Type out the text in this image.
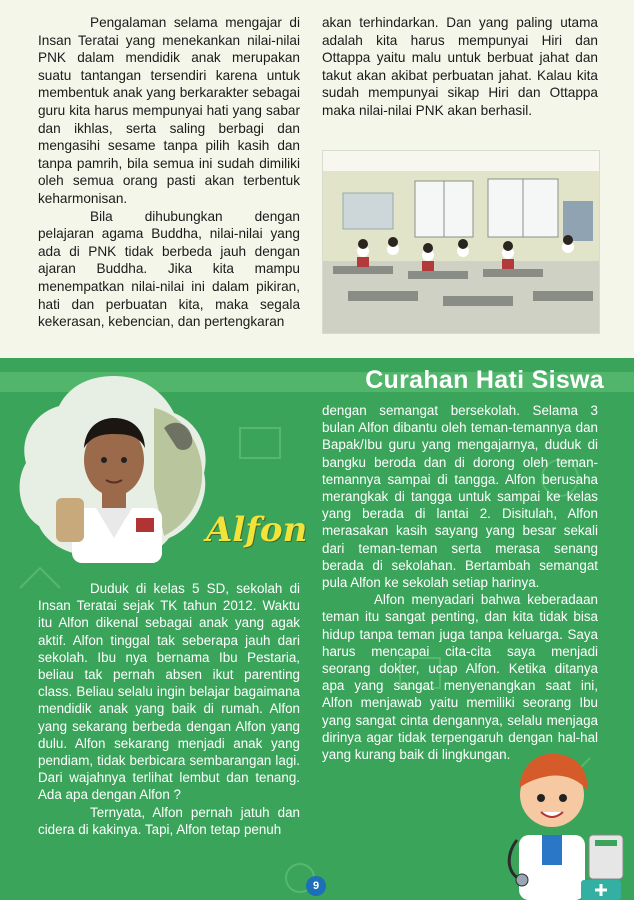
Pengalaman selama mengajar di Insan Teratai yang menekankan nilai-nilai PNK dalam mendidik anak merupakan suatu tantangan tersendiri karena untuk membentuk anak yang berkarakter sebagai guru kita harus mempunyai hati yang sabar dan ikhlas, serta saling berbagi dan mengasihi sesame tanpa pilih kasih dan tanpa pamrih, bila semua ini sudah dimiliki oleh semua orang pasti akan terbentuk keharmonisan.

Bila dihubungkan dengan pelajaran agama Buddha, nilai-nilai yang ada di PNK tidak berbeda jauh dengan ajaran Buddha. Jika kita mampu menempatkan nilai-nilai ini dalam pikiran, hati dan perbuatan kita, maka segala kekerasan, kebencian, dan pertengkaran

akan terhindarkan. Dan yang paling utama adalah kita harus mempunyai Hiri dan Ottappa yaitu malu untuk berbuat jahat dan takut akan akibat perbuatan jahat. Kalau kita sudah mempunyai sikap Hiri dan Ottappa maka nilai-nilai PNK akan berhasil.

Curahan Hati Siswa
Alfon

Duduk di kelas 5 SD, sekolah di Insan Teratai sejak TK tahun 2012. Waktu itu Alfon dikenal sebagai anak yang agak aktif. Alfon tinggal tak seberapa jauh dari sekolah. Ibu nya bernama Ibu Pestaria, beliau tak pernah absen ikut parenting class. Beliau selalu ingin belajar bagaimana mendidik anak yang baik di rumah. Alfon yang sekarang berbeda dengan Alfon yang dulu. Alfon sekarang menjadi anak yang pendiam, tidak berbicara sembarangan lagi. Dari wajahnya terlihat lembut dan tenang. Ada apa dengan Alfon ?

Ternyata, Alfon pernah jatuh dan cidera di kakinya. Tapi, Alfon tetap penuh

dengan semangat bersekolah. Selama 3 bulan Alfon dibantu oleh teman-temannya dan Bapak/Ibu guru yang mengajarnya, duduk di bangku beroda dan di dorong oleh teman-temannya sampai di tangga. Alfon berusaha merangkak di tangga untuk sampai ke kelas yang berada di lantai 2. Disitulah, Alfon merasakan kasih sayang yang besar sekali dari teman-teman serta merasa senang berada di sekolahan. Bertambah semangat pula Alfon ke sekolah setiap harinya.

Alfon menyadari bahwa keberadaan teman itu sangat penting, dan kita tidak bisa hidup tanpa teman juga tanpa keluarga. Saya harus mencapai cita-cita saya menjadi seorang dokter, ucap Alfon. Ketika ditanya apa yang sangat menyenangkan saat ini, Alfon menjawab yaitu memiliki seorang Ibu yang sangat cinta dengannya, selalu menjaga dirinya agar tidak terpengaruh dengan hal-hal yang kurang baik di lingkungan.

9
